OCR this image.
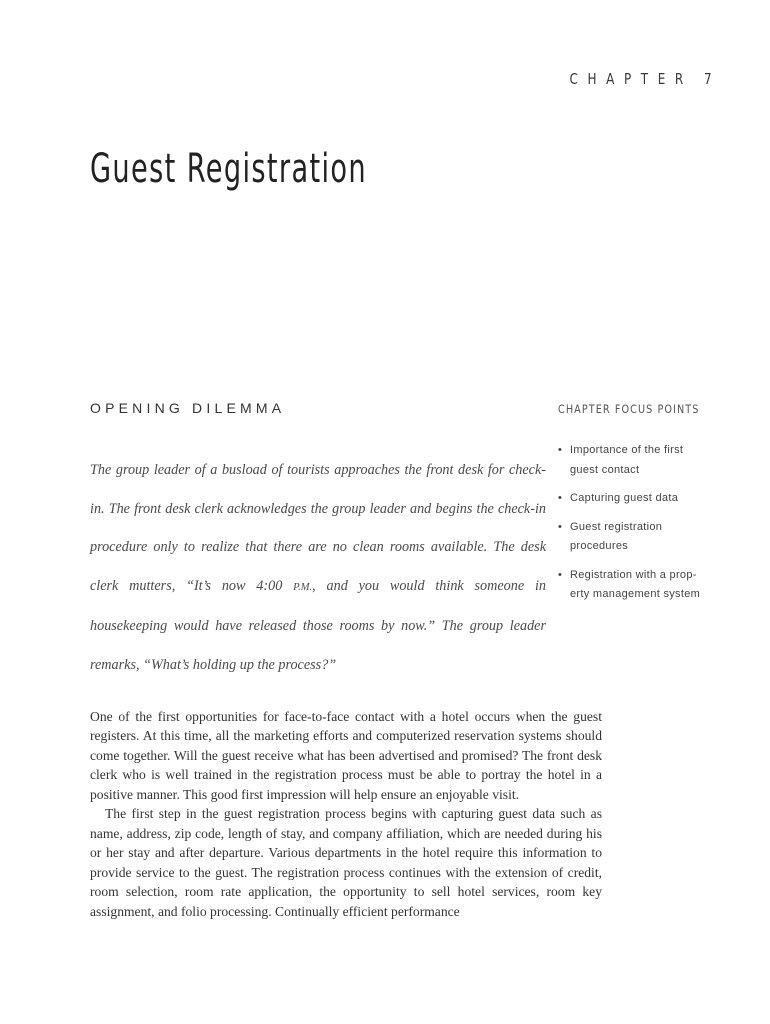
CHAPTER 7
Guest Registration
OPENING DILEMMA

The group leader of a busload of tourists approaches the front desk for check-in. The front desk clerk acknowledges the group leader and begins the check-in procedure only to realize that there are no clean rooms available. The desk clerk mutters, “It’s now 4:00 P.M., and you would think someone in housekeeping would have released those rooms by now.” The group leader remarks, “What’s holding up the process?”

CHAPTER FOCUS POINTS
• Importance of the first guest contact
• Capturing guest data
• Guest registration procedures
• Registration with a prop-erty management system

One of the first opportunities for face-to-face contact with a hotel occurs when the guest registers. At this time, all the marketing efforts and computerized reservation systems should come together. Will the guest receive what has been advertised and promised? The front desk clerk who is well trained in the registration process must be able to portray the hotel in a positive manner. This good first impression will help ensure an enjoyable visit.

The first step in the guest registration process begins with capturing guest data such as name, address, zip code, length of stay, and company affiliation, which are needed during his or her stay and after departure. Various departments in the hotel require this information to provide service to the guest. The registration process continues with the extension of credit, room selection, room rate application, the opportunity to sell hotel services, room key assignment, and folio processing. Continually efficient performance
